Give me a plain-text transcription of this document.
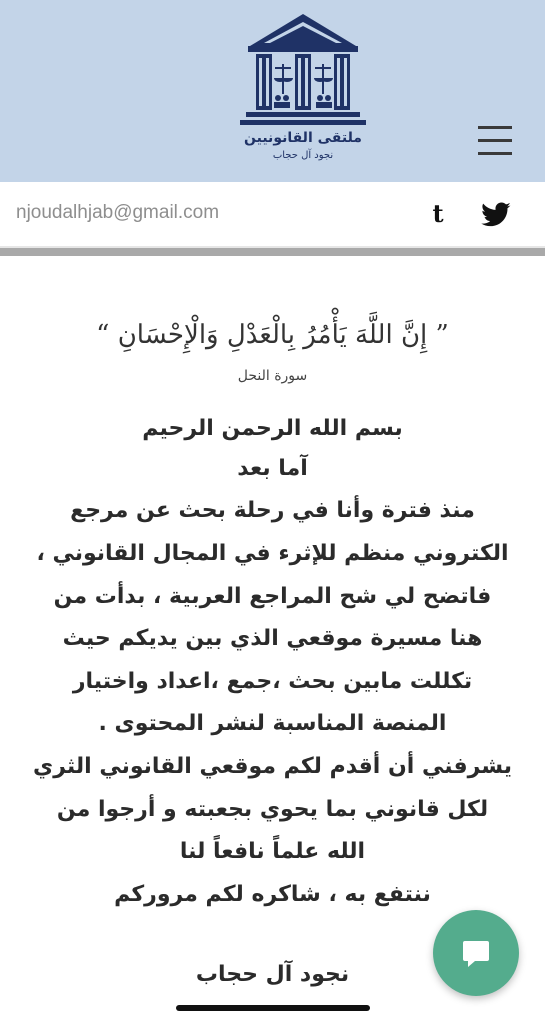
ملتقى القانونيين
نجود آل حجاب
njoudalhjab@gmail.com	t
” إِنَّ اللَّهَ يَأْمُرُ بِالْعَدْلِ وَالْإِحْسَانِ “
سورة النحل
بسم الله الرحمن الرحيم
آما بعد
منذ فترة وأنا في رحلة بحث عن مرجع
الكتروني منظم للإثرء في المجال القانوني ،
فاتضح لي شح المراجع العربية ، بدأت من
هنا مسيرة موقعي الذي بين يديكم حيث
تكللت مابين بحث ،جمع ،اعداد واختيار
المنصة المناسبة لنشر المحتوى .
يشرفني أن أقدم لكم موقعي القانوني الثري
لكل قانوني بما يحوي بجعبته و أرجوا من
الله علماً نافعاً لنا
ننتفع به ، شاكره لكم مروركم
نجود آل حجاب
